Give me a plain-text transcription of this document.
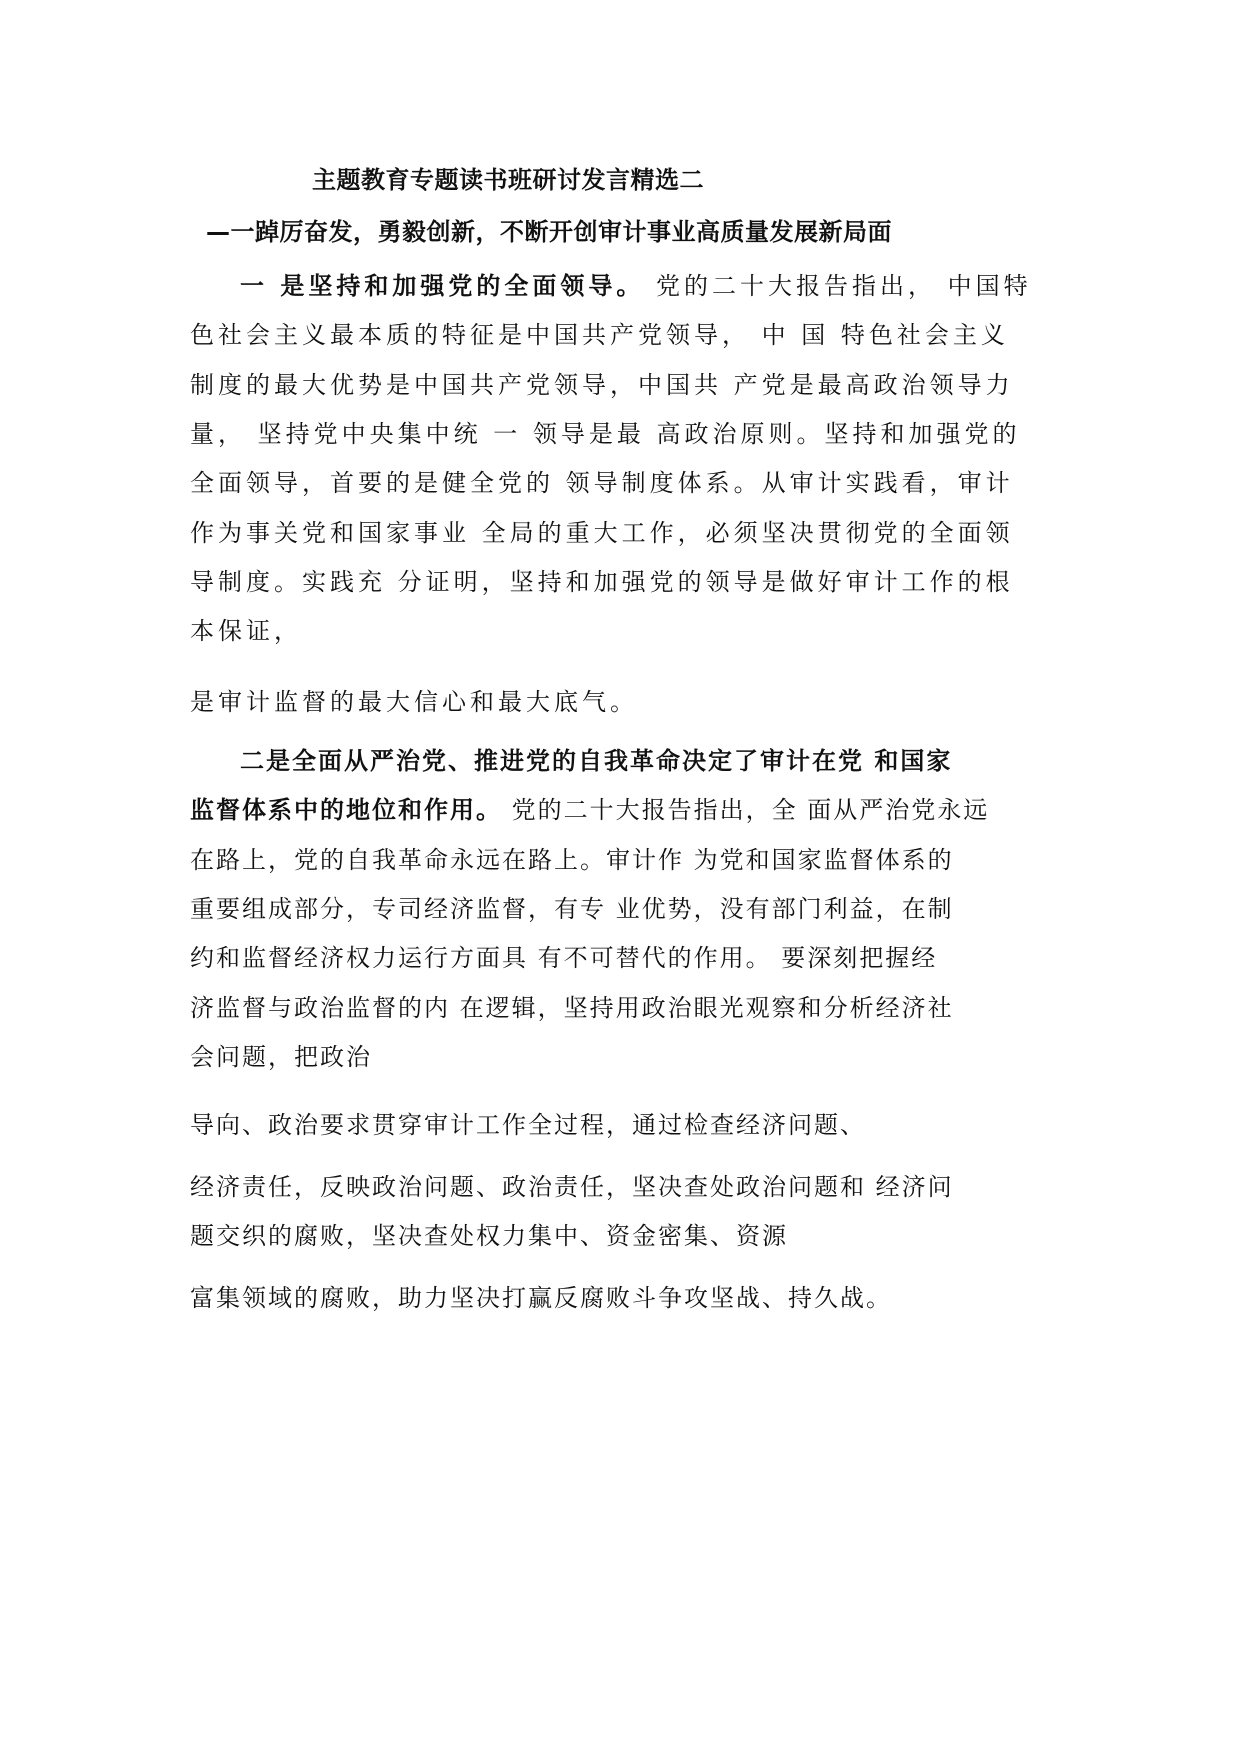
主题教育专题读书班研讨发言精选二
—一踔厉奋发，勇毅创新，不断开创审计事业高质量发展新局面
一 是坚持和加强党的全面领导。 党的二十大报告指出， 中国特
色社会主义最本质的特征是中国共产党领导， 中 国 特色社会主义
制度的最大优势是中国共产党领导，中国共 产党是最高政治领导力
量， 坚持党中央集中统 一 领导是最 高政治原则。坚持和加强党的
全面领导，首要的是健全党的 领导制度体系。从审计实践看，审计
作为事关党和国家事业 全局的重大工作，必须坚决贯彻党的全面领
导制度。实践充 分证明，坚持和加强党的领导是做好审计工作的根
本保证，
是审计监督的最大信心和最大底气。
二是全面从严治党、推进党的自我革命决定了审计在党 和国家
监督体系中的地位和作用。 党的二十大报告指出，全 面从严治党永远
在路上，党的自我革命永远在路上。审计作 为党和国家监督体系的
重要组成部分，专司经济监督，有专 业优势，没有部门利益，在制
约和监督经济权力运行方面具 有不可替代的作用。 要深刻把握经
济监督与政治监督的内 在逻辑，坚持用政治眼光观察和分析经济社
会问题，把政治
导向、政治要求贯穿审计工作全过程，通过检查经济问题、
经济责任，反映政治问题、政治责任，坚决查处政治问题和 经济问
题交织的腐败，坚决查处权力集中、资金密集、资源
富集领域的腐败，助力坚决打赢反腐败斗争攻坚战、持久战。
